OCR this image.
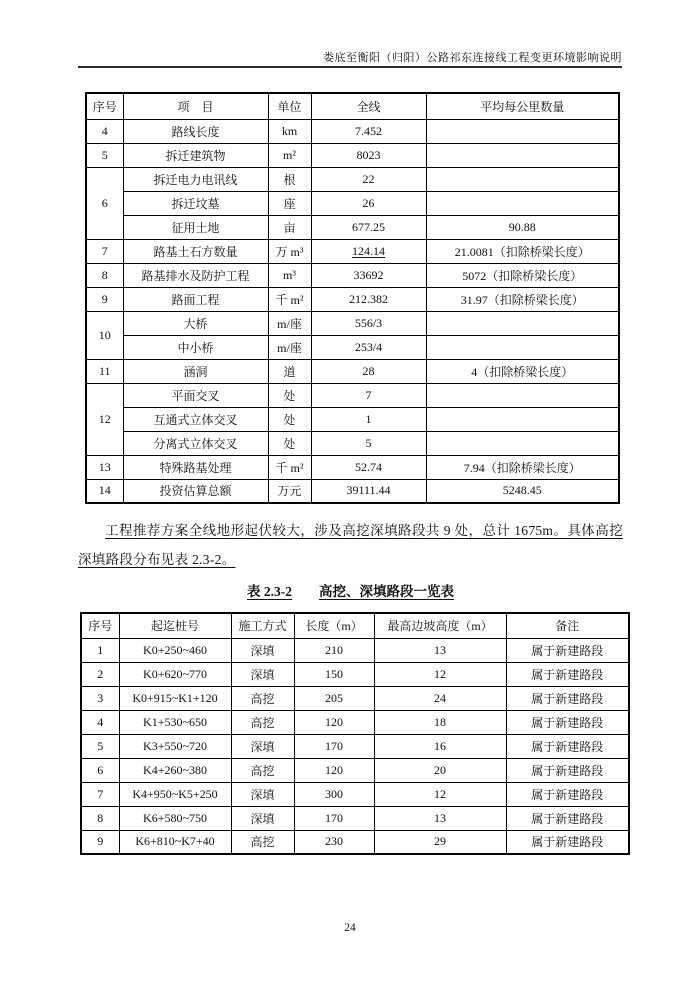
娄底至衡阳（归阳）公路祁东连接线工程变更环境影响说明
序号	项　目	单位	全线	平均每公里数量
4	路线长度	km	7.452	
5	拆迁建筑物	m²	8023	
6	拆迁电力电讯线	根	22	
	拆迁坟墓	座	26	
	征用土地	亩	677.25	90.88
7	路基土石方数量	万 m³	124.14	21.0081（扣除桥梁长度）
8	路基排水及防护工程	m³	33692	5072（扣除桥梁长度）
9	路面工程	千 m²	212.382	31.97（扣除桥梁长度）
10	大桥	m/座	556/3	
	中小桥	m/座	253/4	
11	涵洞	道	28	4（扣除桥梁长度）
12	平面交叉	处	7	
	互通式立体交叉	处	1	
	分离式立体交叉	处	5	
13	特殊路基处理	千 m²	52.74	7.94（扣除桥梁长度）
14	投资估算总额	万元	39111.44	5248.45
工程推荐方案全线地形起伏较大，涉及高挖深填路段共 9 处，总计 1675m。具体高挖深填路段分布见表 2.3-2。
表 2.3-2 高挖、深填路段一览表
序号	起迄桩号	施工方式	长度（m）	最高边坡高度（m）	备注
1	K0+250~460	深填	210	13	属于新建路段
2	K0+620~770	深填	150	12	属于新建路段
3	K0+915~K1+120	高挖	205	24	属于新建路段
4	K1+530~650	高挖	120	18	属于新建路段
5	K3+550~720	深填	170	16	属于新建路段
6	K4+260~380	高挖	120	20	属于新建路段
7	K4+950~K5+250	深填	300	12	属于新建路段
8	K6+580~750	深填	170	13	属于新建路段
9	K6+810~K7+40	高挖	230	29	属于新建路段
24
